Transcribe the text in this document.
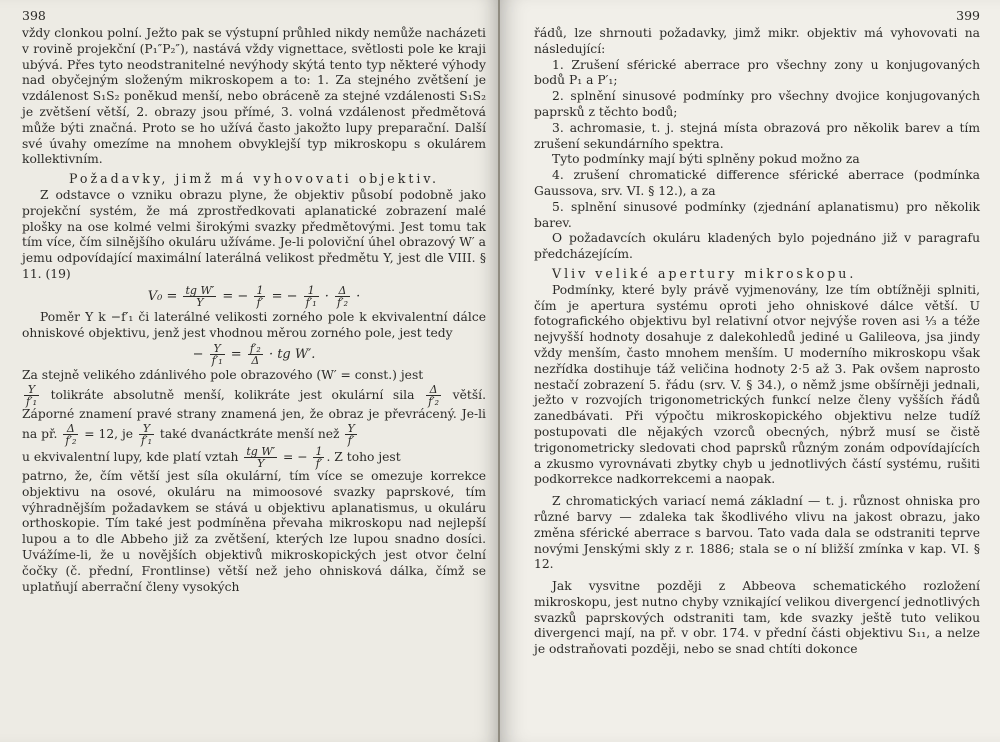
398

vždy clonkou polní. Ježto pak se výstupní průhled nikdy nemůže nacházeti v rovině projekční (P₁″P₂″), nastává vždy vignettace, světlosti pole ke kraji ubývá. Přes tyto neodstranitelné nevýhody skýtá tento typ některé výhody nad obyčejným složeným mikroskopem a to: 1. Za stejného zvětšení je vzdálenost S₁S₂ poněkud menší, nebo obráceně za stejné vzdálenosti S₁S₂ je zvětšení větší, 2. obrazy jsou přímé, 3. volná vzdálenost předmětová může býti značná. Proto se ho užívá často jakožto lupy preparační. Další své úvahy omezíme na mnohem obvyklejší typ mikroskopu s okulárem kollektivním.

Požadavky, jimž má vyhovovati objektiv.

Z odstavce o vzniku obrazu plyne, že objektiv působí podobně jako projekční systém, že má zprostředkovati aplanatické zobrazení malé plošky na ose kolmé velmi širokými svazky předmětovými. Jest tomu tak tím více, čím silnějšího okuláru užíváme. Je-li poloviční úhel obrazový W′ a jemu odpovídající maximální laterálná velikost předmětu Y, jest dle VIII. § 11. (19)

$V_0 = \frac{\text{tg W′}}{Y}$ = − $\frac{1}{f'}$ = − $\frac{1}{\text{f′₁}} \cdot \frac{\Delta}{\text{f′₂}}$ ·

Poměr Y k −f′₁ či laterálné velikosti zorného pole k ekvivalentní dálce ohniskové objektivu, jenž jest vhodnou měrou zorného pole, jest tedy

− $\frac{Y}{\text{f′₁}} = \frac{\text{f′₂}}{\Delta}$ · tg W′.

Za stejně velikého zdánlivého pole obrazového (W′ = const.) jest

$\frac{Y}{\text{f′₁}}$ tolikráte absolutně menší, kolikráte jest okulární sila $\frac{\Delta}{\text{f′₂}}$ větší. Záporné znamení pravé strany znamená jen, že obraz je převrácený. Je-li na př. $\frac{\Delta}{\text{f′₂}} = 12$, je $\frac{Y}{\text{f′₁}}$ také dvanáctkráte menší než $\frac{Y}{f'}$

u ekvivalentní lupy, kde platí vztah $\frac{\text{tg W′}}{Y}$ = − $\frac{1}{f'}$ . Z toho jest

patrno, že, čím větší jest síla okulární, tím více se omezuje korrekce objektivu na osové, okuláru na mimoosové svazky paprskové, tím výhradnějším požadavkem se stává u objektivu aplanatismus, u okuláru orthoskopie. Tím také jest podmíněna převaha mikroskopu nad nejlepší lupou a to dle Abbeho již za zvětšení, kterých lze lupou snadno dosíci. Uvážíme-li, že u novějších objektivů mikroskopických jest otvor čelní čočky (č. přední, Frontlinse) větší než jeho ohnisková dálka, čímž se uplatňují aberrační členy vysokých

399

řádů, lze shrnouti požadavky, jimž mikr. objektiv má vyhovovati na následující:

1. Zrušení sférické aberrace pro všechny zony u konjugovaných bodů P₁ a P′₁;

2. splnění sinusové podmínky pro všechny dvojice konjugovaných paprsků z těchto bodů;

3. achromasie, t. j. stejná místa obrazová pro několik barev a tím zrušení sekundárního spektra.

Tyto podmínky mají býti splněny pokud možno za

4. zrušení chromatické difference sférické aberrace (podmínka Gaussova, srv. VI. § 12.), a za

5. splnění sinusové podmínky (zjednání aplanatismu) pro několik barev.

O požadavcích okuláru kladených bylo pojednáno již v paragrafu předcházejícím.

Vliv veliké apertury mikroskopu.

Podmínky, které byly právě vyjmenovány, lze tím obtížněji splniti, čím je apertura systému oproti jeho ohniskové dálce větší. U fotografického objektivu byl relativní otvor nejvýše roven asi ⅓ a téže nejvyšší hodnoty dosahuje z dalekohledů jediné u Galileova, jsa jindy vždy menším, často mnohem menším. U moderního mikroskopu však nezřídka dostihuje táž veličina hodnoty 2·5 až 3. Pak ovšem naprosto nestačí zobrazení 5. řádu (srv. V. § 34.), o němž jsme obšírněji jednali, ježto v rozvojích trigonometrických funkcí nelze členy vyšších řádů zanedbávati. Při výpočtu mikroskopického objektivu nelze tudíž postupovati dle nějakých vzorců obecných, nýbrž musí se čistě trigonometricky sledovati chod paprsků různým zonám odpovídajících a zkusmo vyrovnávati zbytky chyb u jednotlivých částí systému, rušiti podkorrekce nadkorrekcemi a naopak.

Z chromatických variací nemá základní — t. j. různost ohniska pro různé barvy — zdaleka tak škodlivého vlivu na jakost obrazu, jako změna sférické aberrace s barvou. Tato vada dala se odstraniti teprve novými Jenskými skly z r. 1886; stala se o ní bližší zmínka v kap. VI. § 12.

Jak vysvitne později z Abbeova schematického rozložení mikroskopu, jest nutno chyby vznikající velikou divergencí jednotlivých svazků paprskových odstraniti tam, kde svazky ještě tuto velikou divergenci mají, na př. v obr. 174. v přední části objektivu S₁₁, a nelze je odstraňovati později, nebo se snad chtíti dokonce
